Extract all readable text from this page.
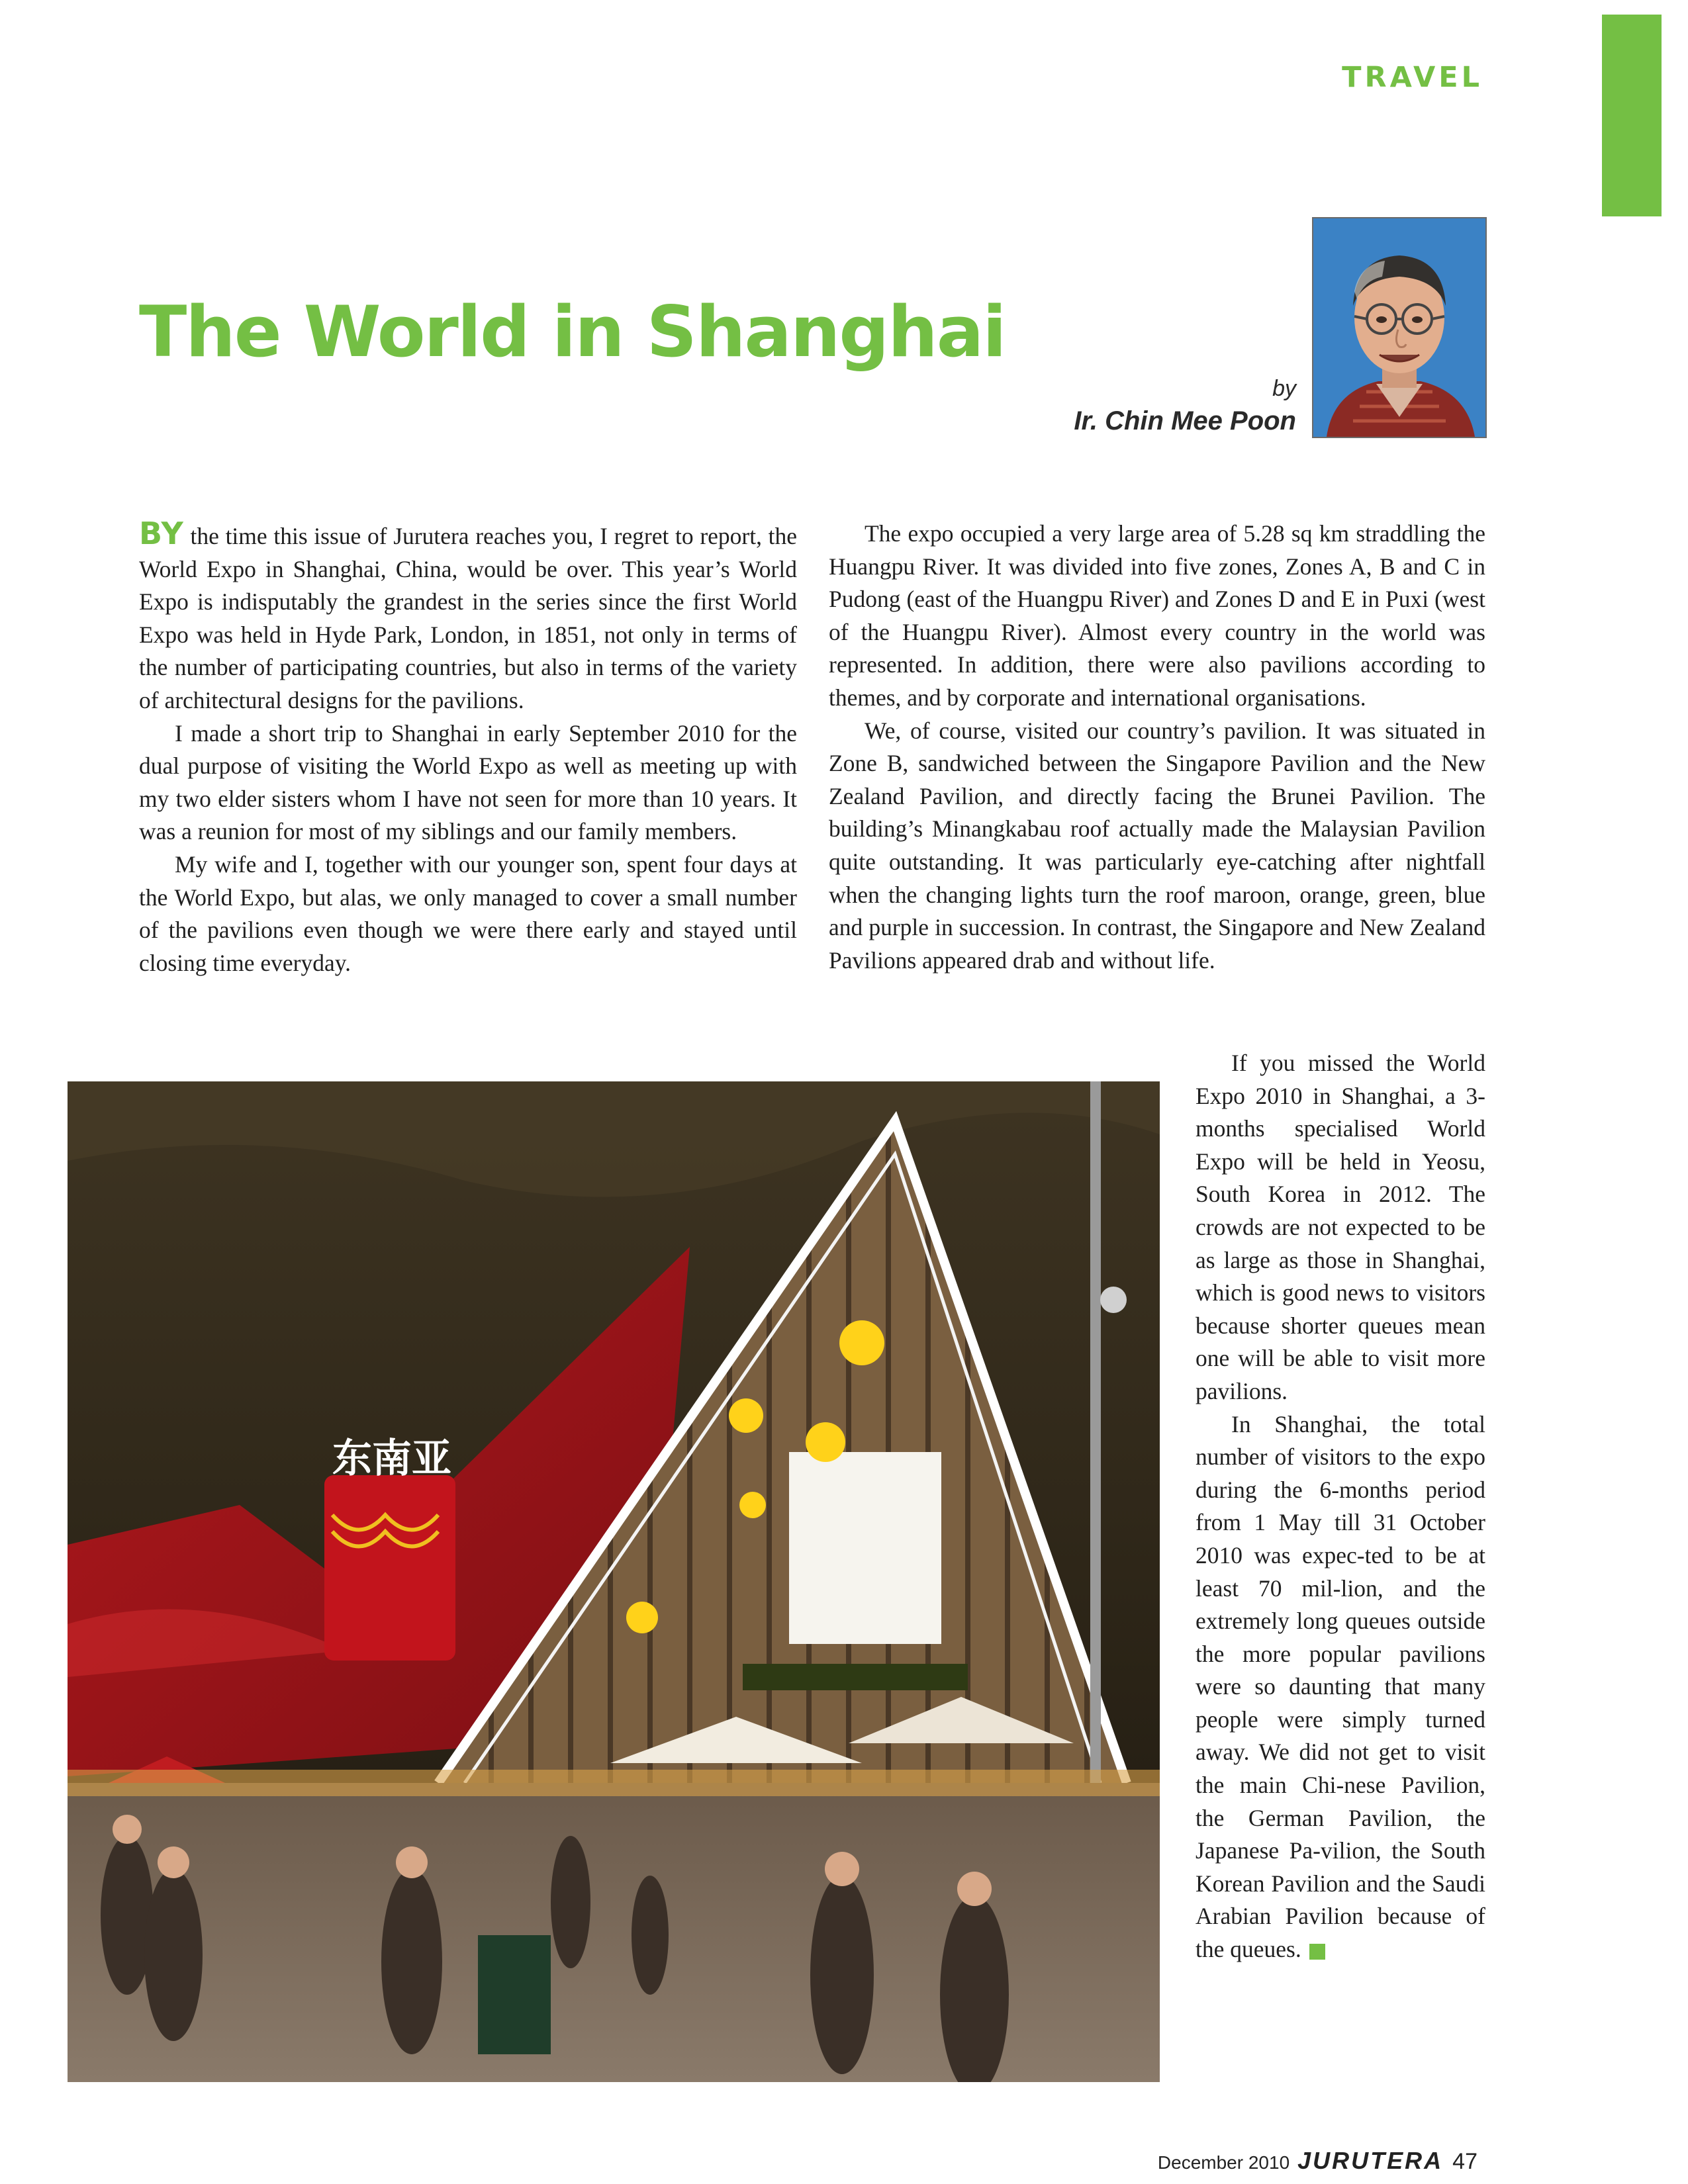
TRAVEL
The World in Shanghai
by
Ir. Chin Mee Poon

BY the time this issue of Jurutera reaches you, I regret to report, the World Expo in Shanghai, China, would be over. This year’s World Expo is indisputably the grandest in the series since the first World Expo was held in Hyde Park, London, in 1851, not only in terms of the number of participating countries, but also in terms of the variety of architectural designs for the pavilions.

I made a short trip to Shanghai in early September 2010 for the dual purpose of visiting the World Expo as well as meeting up with my two elder sisters whom I have not seen for more than 10 years. It was a reunion for most of my siblings and our family members.

My wife and I, together with our younger son, spent four days at the World Expo, but alas, we only managed to cover a small number of the pavilions even though we were there early and stayed until closing time everyday.

The expo occupied a very large area of 5.28 sq km straddling the Huangpu River. It was divided into five zones, Zones A, B and C in Pudong (east of the Huangpu River) and Zones D and E in Puxi (west of the Huangpu River). Almost every country in the world was represented. In addition, there were also pavilions according to themes, and by corporate and international organisations.

We, of course, visited our country’s pavilion. It was situated in Zone B, sandwiched between the Singapore Pavilion and the New Zealand Pavilion, and directly facing the Brunei Pavilion. The building’s Minangkabau roof actually made the Malaysian Pavilion quite outstanding. It was particularly eye-catching after nightfall when the changing lights turn the roof maroon, orange, green, blue and purple in succession. In contrast, the Singapore and New Zealand Pavilions appeared drab and without life.

If you missed the World Expo 2010 in Shanghai, a 3-months specialised World Expo will be held in Yeosu, South Korea in 2012. The crowds are not expected to be as large as those in Shanghai, which is good news to visitors because shorter queues mean one will be able to visit more pavilions.

In Shanghai, the total number of visitors to the expo during the 6-months period from 1 May till 31 October 2010 was expec-ted to be at least 70 mil-lion, and the extremely long queues outside the more popular pavilions were so daunting that many people were simply turned away. We did not get to visit the main Chi-nese Pavilion, the German Pavilion, the Japanese Pa-vilion, the South Korean Pavilion and the Saudi Arabian Pavilion because of the queues.

东南亚
December 2010 JURUTERA 47
